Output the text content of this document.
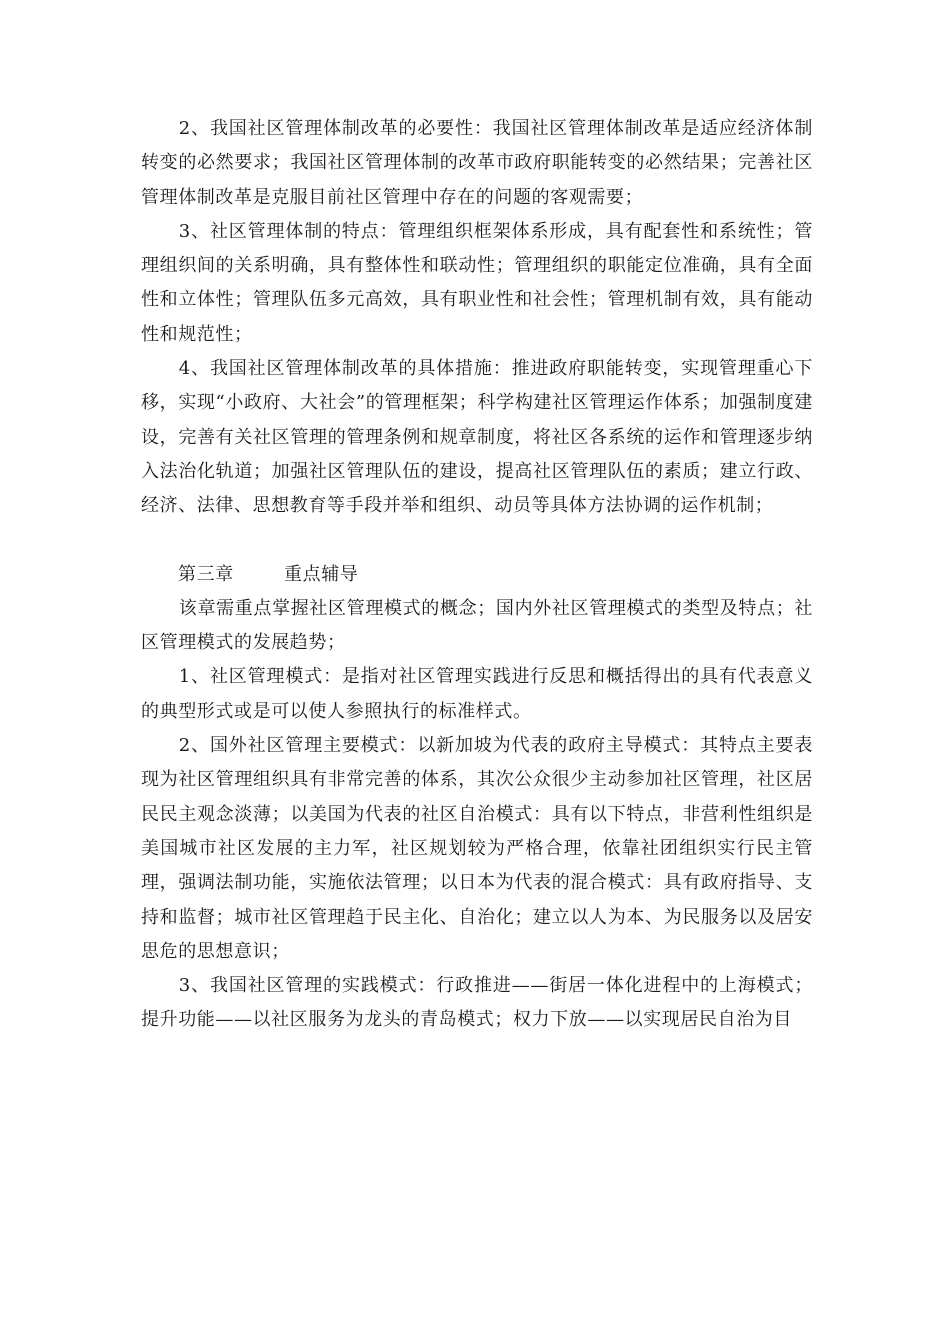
2、我国社区管理体制改革的必要性：我国社区管理体制改革是适应经济体制转变的必然要求；我国社区管理体制的改革市政府职能转变的必然结果；完善社区管理体制改革是克服目前社区管理中存在的问题的客观需要；

3、社区管理体制的特点：管理组织框架体系形成，具有配套性和系统性；管理组织间的关系明确，具有整体性和联动性；管理组织的职能定位准确，具有全面性和立体性；管理队伍多元高效，具有职业性和社会性；管理机制有效，具有能动性和规范性；

4、我国社区管理体制改革的具体措施：推进政府职能转变，实现管理重心下移，实现“小政府、大社会”的管理框架；科学构建社区管理运作体系；加强制度建设，完善有关社区管理的管理条例和规章制度，将社区各系统的运作和管理逐步纳入法治化轨道；加强社区管理队伍的建设，提高社区管理队伍的素质；建立行政、经济、法律、思想教育等手段并举和组织、动员等具体方法协调的运作机制；

第三章	重点辅导

该章需重点掌握社区管理模式的概念；国内外社区管理模式的类型及特点；社区管理模式的发展趋势；

1、社区管理模式：是指对社区管理实践进行反思和概括得出的具有代表意义的典型形式或是可以使人参照执行的标准样式。

2、国外社区管理主要模式：以新加坡为代表的政府主导模式：其特点主要表现为社区管理组织具有非常完善的体系，其次公众很少主动参加社区管理，社区居民民主观念淡薄；以美国为代表的社区自治模式：具有以下特点，非营利性组织是美国城市社区发展的主力军，社区规划较为严格合理，依靠社团组织实行民主管理，强调法制功能，实施依法管理；以日本为代表的混合模式：具有政府指导、支持和监督；城市社区管理趋于民主化、自治化；建立以人为本、为民服务以及居安思危的思想意识；

3、我国社区管理的实践模式：行政推进——街居一体化进程中的上海模式；提升功能——以社区服务为龙头的青岛模式；权力下放——以实现居民自治为目
